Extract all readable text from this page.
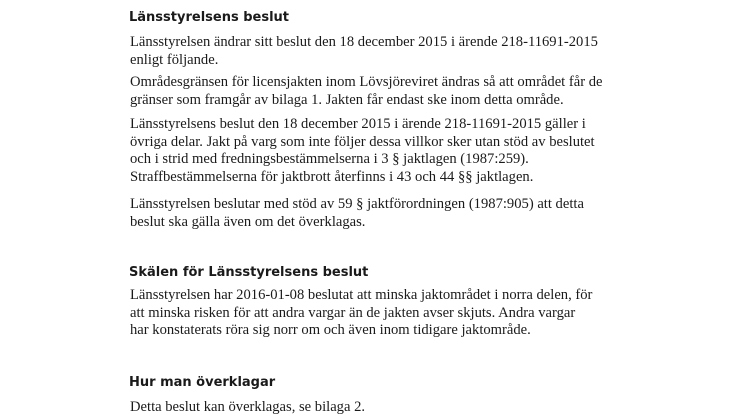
Länsstyrelsens beslut

Länsstyrelsen ändrar sitt beslut den 18 december 2015 i ärende 218-11691-2015
enligt följande.

Områdesgränsen för licensjakten inom Lövsjöreviret ändras så att området får de
gränser som framgår av bilaga 1. Jakten får endast ske inom detta område.

Länsstyrelsens beslut den 18 december 2015 i ärende 218-11691-2015 gäller i
övriga delar. Jakt på varg som inte följer dessa villkor sker utan stöd av beslutet
och i strid med fredningsbestämmelserna i 3 § jaktlagen (1987:259).
Straffbestämmelserna för jaktbrott återfinns i 43 och 44 §§ jaktlagen.

Länsstyrelsen beslutar med stöd av 59 § jaktförordningen (1987:905) att detta
beslut ska gälla även om det överklagas.

Skälen för Länsstyrelsens beslut

Länsstyrelsen har 2016-01-08 beslutat att minska jaktområdet i norra delen, för
att minska risken för att andra vargar än de jakten avser skjuts. Andra vargar
har konstaterats röra sig norr om och även inom tidigare jaktområde.

Hur man överklagar

Detta beslut kan överklagas, se bilaga 2.
